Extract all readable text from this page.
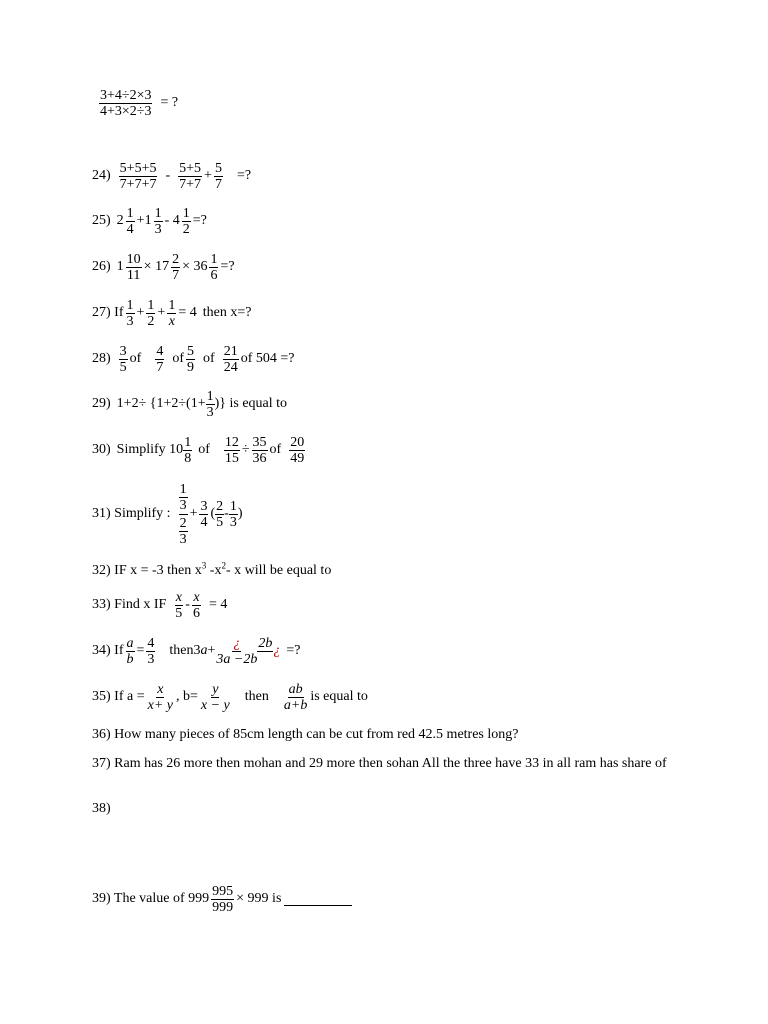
$\frac{3+4\div 2\times 3}{4+3\times 2\div 3}$ = ?
$24) \frac{5+5+5}{7+7+7} - \frac{5+5}{7+7} + \frac{5}{7}$ =?
25) $2 \frac{1}{4} +1 \frac{1}{3} - 4 \frac{1}{2}$ =?
26) $1 \frac{10}{11} \times 17 \frac{2}{7} \times 36 \frac{1}{6}$ =?
27) If $\frac{1}{3} + \frac{1}{2} + \frac{1}{x} = 4$ then x=?
$28) \frac{3}{5}$ of $\frac{4}{7}$ of $\frac{5}{9}$ of $\frac{21}{24}$ of 504 =?
29) $1+2\div \{1+2\div(1+ \frac{1}{3}$ )} is equal to
30) Simplify $10 \frac{1}{8}$ of $\frac{12}{15} \div \frac{35}{36}$ of $\frac{20}{49}$
31) Simplify :
$\frac{1}{3}$
$\frac{2}{3}$
+ $\frac{3}{4}$ ( $\frac{2}{5} - \frac{1}{3}$ )
32) IF x = -3 then $x^3$ $-x^2-$ x will be equal to
33) Find x IF $\frac{x}{5} - \frac{x}{6} = 4$
34) If $\frac{a}{b} = \frac{4}{3}$ then3 $a + \frac{¿}{3a -2b} 2b$ ¿ =?
35) If $a = \frac{x}{x+ y}$ , $b= \frac{y}{x - y}$ then $\frac{ab}{a+b}$ is equal to
36) How many pieces of 85cm length can be cut from red 42.5 metres long?
37) Ram has 26 more then mohan and 29 more then sohan All the three have 33 in all ram has share of
38)
39) The value of $999 \frac{995}{999} \times 999$ is
